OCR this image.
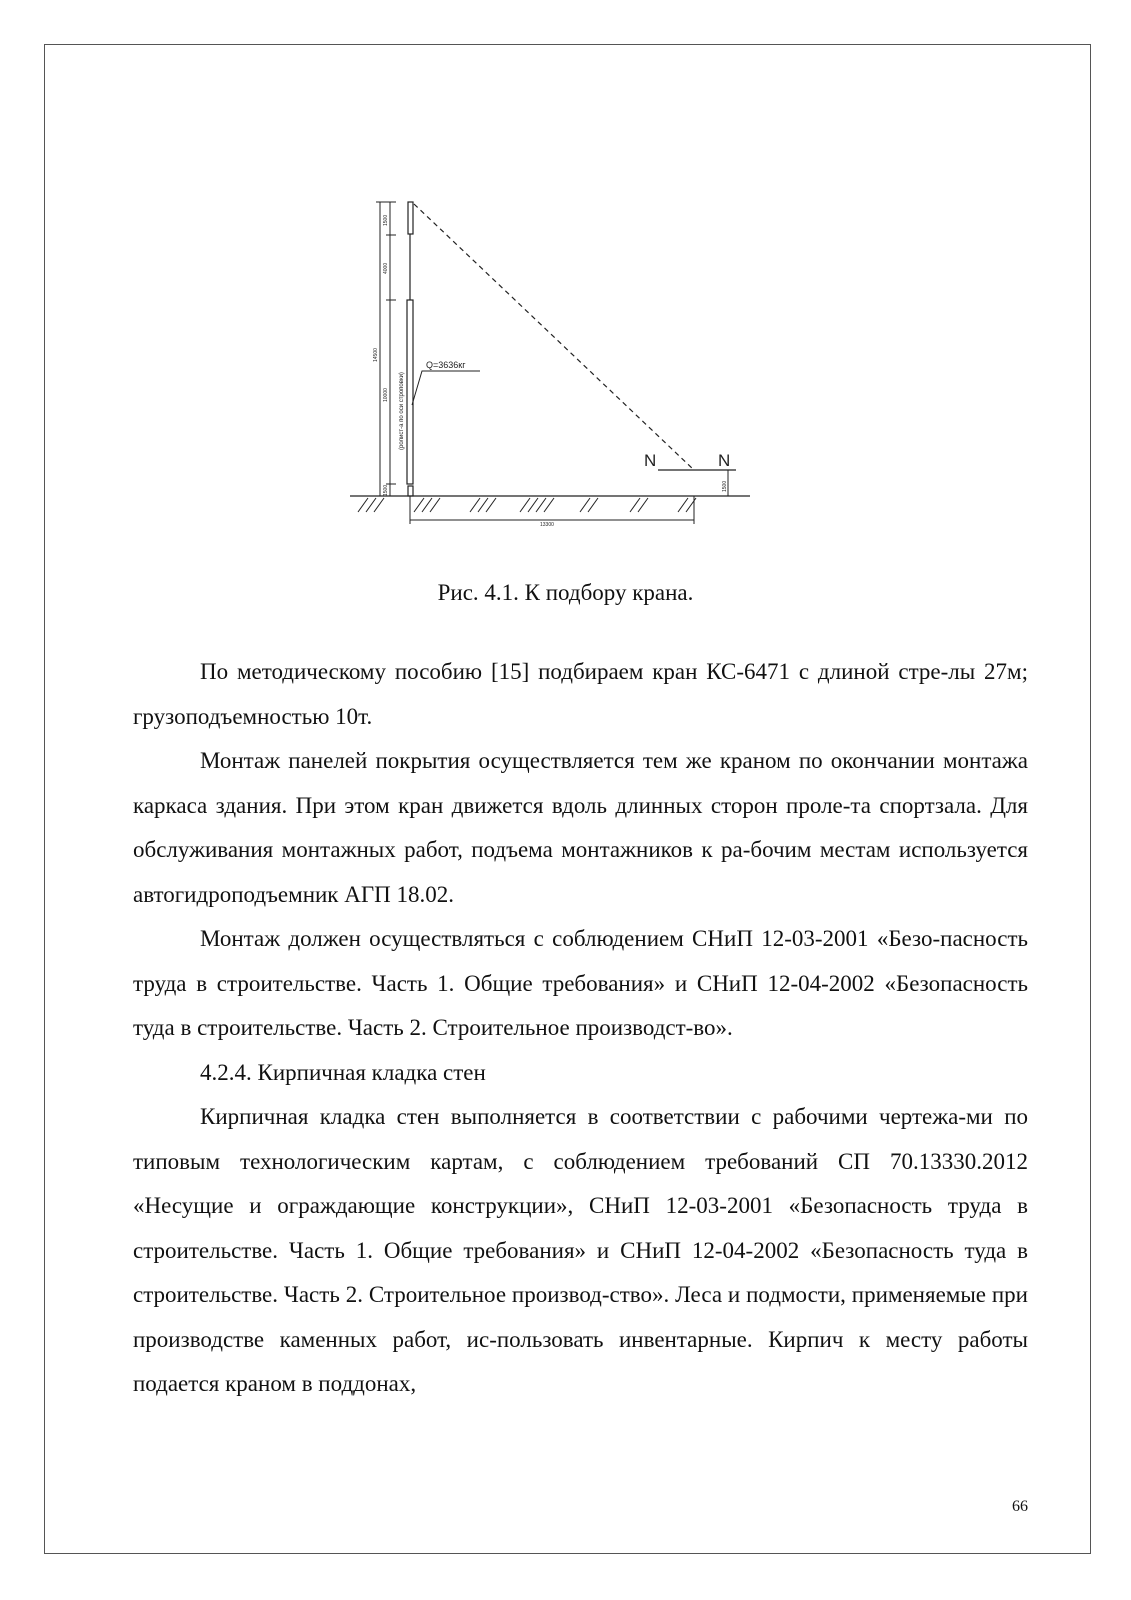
Q=3636кг
(ролист-а по оси строповки)
14500
1500
4000
10000
1500	1500
13300
N	N
Рис. 4.1. К подбору крана.

По методическому пособию [15] подбираем кран КС-6471 с длиной стре-лы 27м; грузоподъемностью 10т.

Монтаж панелей покрытия осуществляется тем же краном по окончании монтажа каркаса здания. При этом кран движется вдоль длинных сторон проле-та спортзала. Для обслуживания монтажных работ, подъема монтажников к ра-бочим местам используется автогидроподъемник АГП 18.02.

Монтаж должен осуществляться с соблюдением СНиП 12-03-2001 «Безо-пасность труда в строительстве. Часть 1. Общие требования» и СНиП 12-04-2002 «Безопасность туда в строительстве. Часть 2. Строительное производст-во».

4.2.4. Кирпичная кладка стен

Кирпичная кладка стен выполняется в соответствии с рабочими чертежа-ми по типовым технологическим картам, с соблюдением требований СП 70.13330.2012 «Несущие и ограждающие конструкции», СНиП 12-03-2001 «Безопасность труда в строительстве. Часть 1. Общие требования» и СНиП 12-04-2002 «Безопасность туда в строительстве. Часть 2. Строительное производ-ство». Леса и подмости, применяемые при производстве каменных работ, ис-пользовать инвентарные. Кирпич к месту работы подается краном в поддонах,

66
